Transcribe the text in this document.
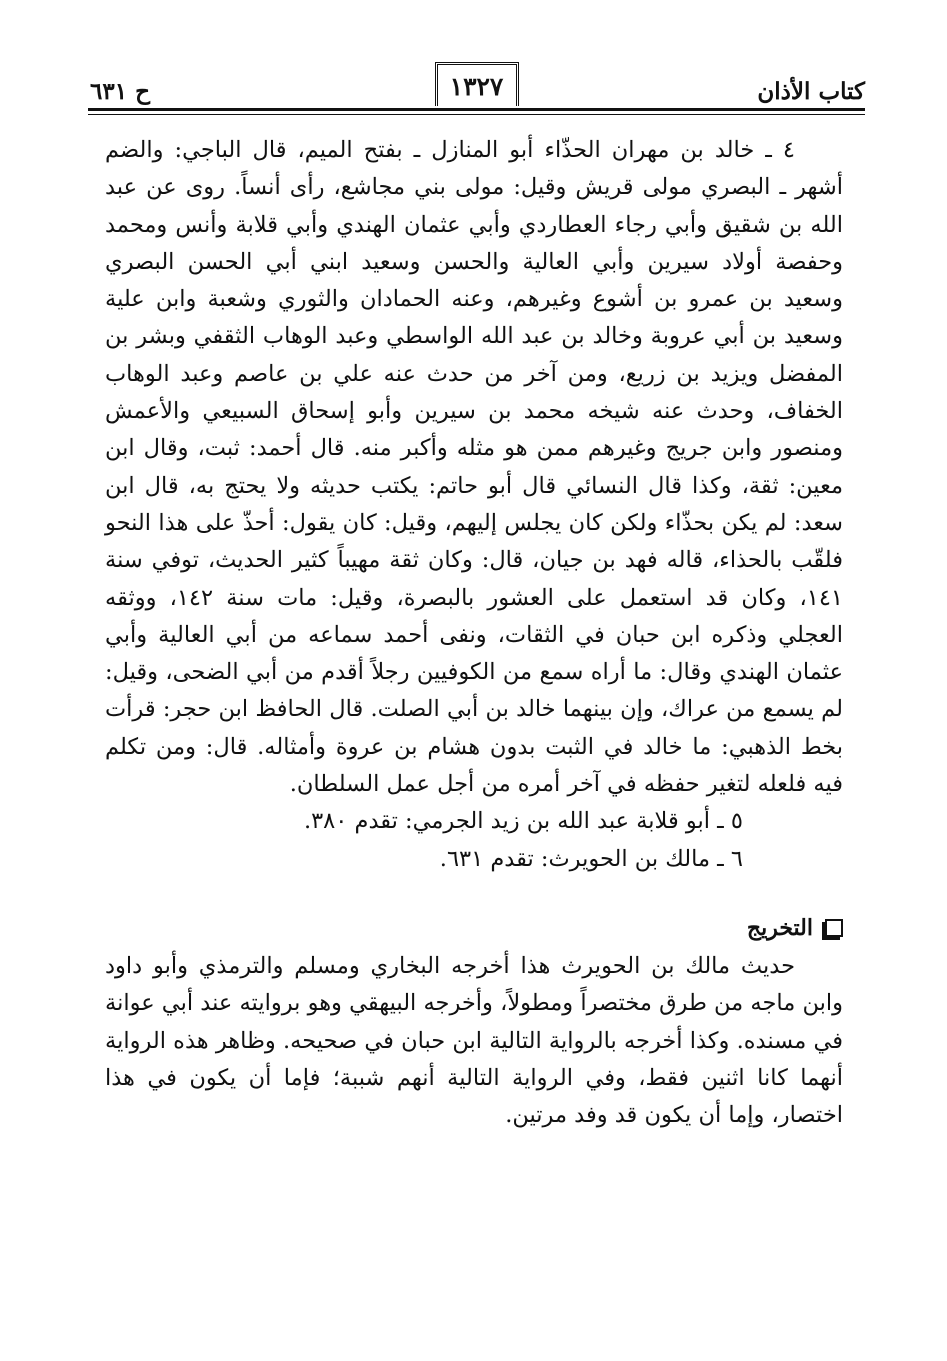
كتاب الأذان
١٣٢٧
ح ٦٣١

٤ ـ خالد بن مهران الحذّاء أبو المنازل ـ بفتح الميم، قال الباجي: والضم أشهر ـ البصري مولى قريش وقيل: مولى بني مجاشع، رأى أنساً. روى عن عبد الله بن شقيق وأبي رجاء العطاردي وأبي عثمان الهندي وأبي قلابة وأنس ومحمد وحفصة أولاد سيرين وأبي العالية والحسن وسعيد ابني أبي الحسن البصري وسعيد بن عمرو بن أشوع وغيرهم، وعنه الحمادان والثوري وشعبة وابن علية وسعيد بن أبي عروبة وخالد بن عبد الله الواسطي وعبد الوهاب الثقفي وبشر بن المفضل ويزيد بن زريع، ومن آخر من حدث عنه علي بن عاصم وعبد الوهاب الخفاف، وحدث عنه شيخه محمد بن سيرين وأبو إسحاق السبيعي والأعمش ومنصور وابن جريج وغيرهم ممن هو مثله وأكبر منه. قال أحمد: ثبت، وقال ابن معين: ثقة، وكذا قال النسائي قال أبو حاتم: يكتب حديثه ولا يحتج به، قال ابن سعد: لم يكن بحذّاء ولكن كان يجلس إليهم، وقيل: كان يقول: أحذّ على هذا النحو فلقّب بالحذاء، قاله فهد بن جيان، قال: وكان ثقة مهيباً كثير الحديث، توفي سنة ١٤١، وكان قد استعمل على العشور بالبصرة، وقيل: مات سنة ١٤٢، ووثقه العجلي وذكره ابن حبان في الثقات، ونفى أحمد سماعه من أبي العالية وأبي عثمان الهندي وقال: ما أراه سمع من الكوفيين رجلاً أقدم من أبي الضحى، وقيل: لم يسمع من عراك، وإن بينهما خالد بن أبي الصلت. قال الحافظ ابن حجر: قرأت بخط الذهبي: ما خالد في الثبت بدون هشام بن عروة وأمثاله. قال: ومن تكلم فيه فلعله لتغير حفظه في آخر أمره من أجل عمل السلطان.

٥ ـ أبو قلابة عبد الله بن زيد الجرمي: تقدم ٣٨٠.

٦ ـ مالك بن الحويرث: تقدم ٦٣١.

التخريج

حديث مالك بن الحويرث هذا أخرجه البخاري ومسلم والترمذي وأبو داود وابن ماجه من طرق مختصراً ومطولاً، وأخرجه البيهقي وهو بروايته عند أبي عوانة في مسنده. وكذا أخرجه بالرواية التالية ابن حبان في صحيحه. وظاهر هذه الرواية أنهما كانا اثنين فقط، وفي الرواية التالية أنهم شببة؛ فإما أن يكون في هذا اختصار، وإما أن يكون قد وفد مرتين.
